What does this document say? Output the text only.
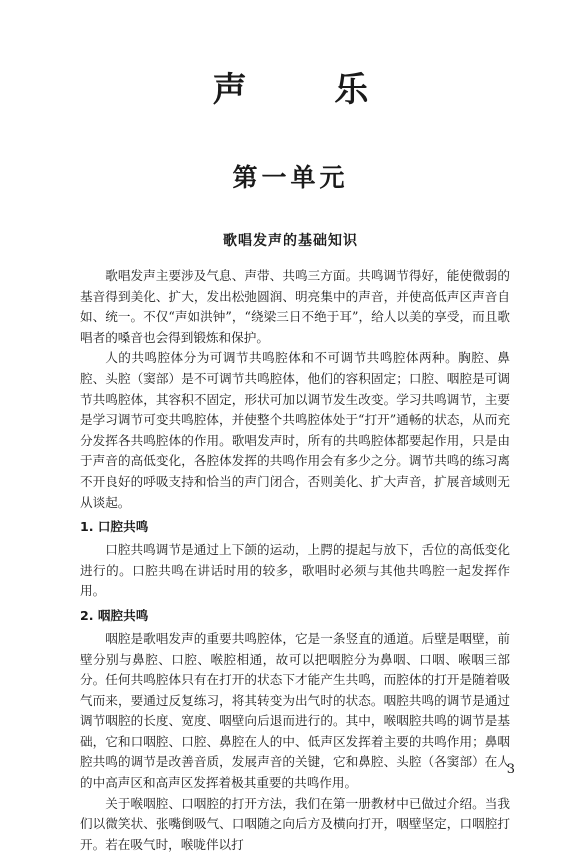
声 乐
第一单元
歌唱发声的基础知识

歌唱发声主要涉及气息、声带、共鸣三方面。共鸣调节得好，能使微弱的基音得到美化、扩大，发出松弛圆润、明亮集中的声音，并使高低声区声音自如、统一。不仅“声如洪钟”，“绕梁三日不绝于耳”，给人以美的享受，而且歌唱者的嗓音也会得到锻炼和保护。

人的共鸣腔体分为可调节共鸣腔体和不可调节共鸣腔体两种。胸腔、鼻腔、头腔（窦部）是不可调节共鸣腔体，他们的容积固定；口腔、咽腔是可调节共鸣腔体，其容积不固定，形状可加以调节发生改变。学习共鸣调节，主要是学习调节可变共鸣腔体，并使整个共鸣腔体处于“打开”通畅的状态，从而充分发挥各共鸣腔体的作用。歌唱发声时，所有的共鸣腔体都要起作用，只是由于声音的高低变化，各腔体发挥的共鸣作用会有多少之分。调节共鸣的练习离不开良好的呼吸支持和恰当的声门闭合，否则美化、扩大声音，扩展音域则无从谈起。

1. 口腔共鸣

口腔共鸣调节是通过上下颌的运动，上腭的提起与放下，舌位的高低变化进行的。口腔共鸣在讲话时用的较多，歌唱时必须与其他共鸣腔一起发挥作用。

2. 咽腔共鸣

咽腔是歌唱发声的重要共鸣腔体，它是一条竖直的通道。后壁是咽壁，前壁分别与鼻腔、口腔、喉腔相通，故可以把咽腔分为鼻咽、口咽、喉咽三部分。任何共鸣腔体只有在打开的状态下才能产生共鸣，而腔体的打开是随着吸气而来，要通过反复练习，将其转变为出气时的状态。咽腔共鸣的调节是通过调节咽腔的长度、宽度、咽壁向后退而进行的。其中，喉咽腔共鸣的调节是基础，它和口咽腔、口腔、鼻腔在人的中、低声区发挥着主要的共鸣作用；鼻咽腔共鸣的调节是改善音质，发展声音的关键，它和鼻腔、头腔（各窦部）在人的中高声区和高声区发挥着极其重要的共鸣作用。

关于喉咽腔、口咽腔的打开方法，我们在第一册教材中已做过介绍。当我们以微笑状、张嘴倒吸气、口咽随之向后方及横向打开，咽壁坚定，口咽腔打开。若在吸气时，喉咙伴以打

3
